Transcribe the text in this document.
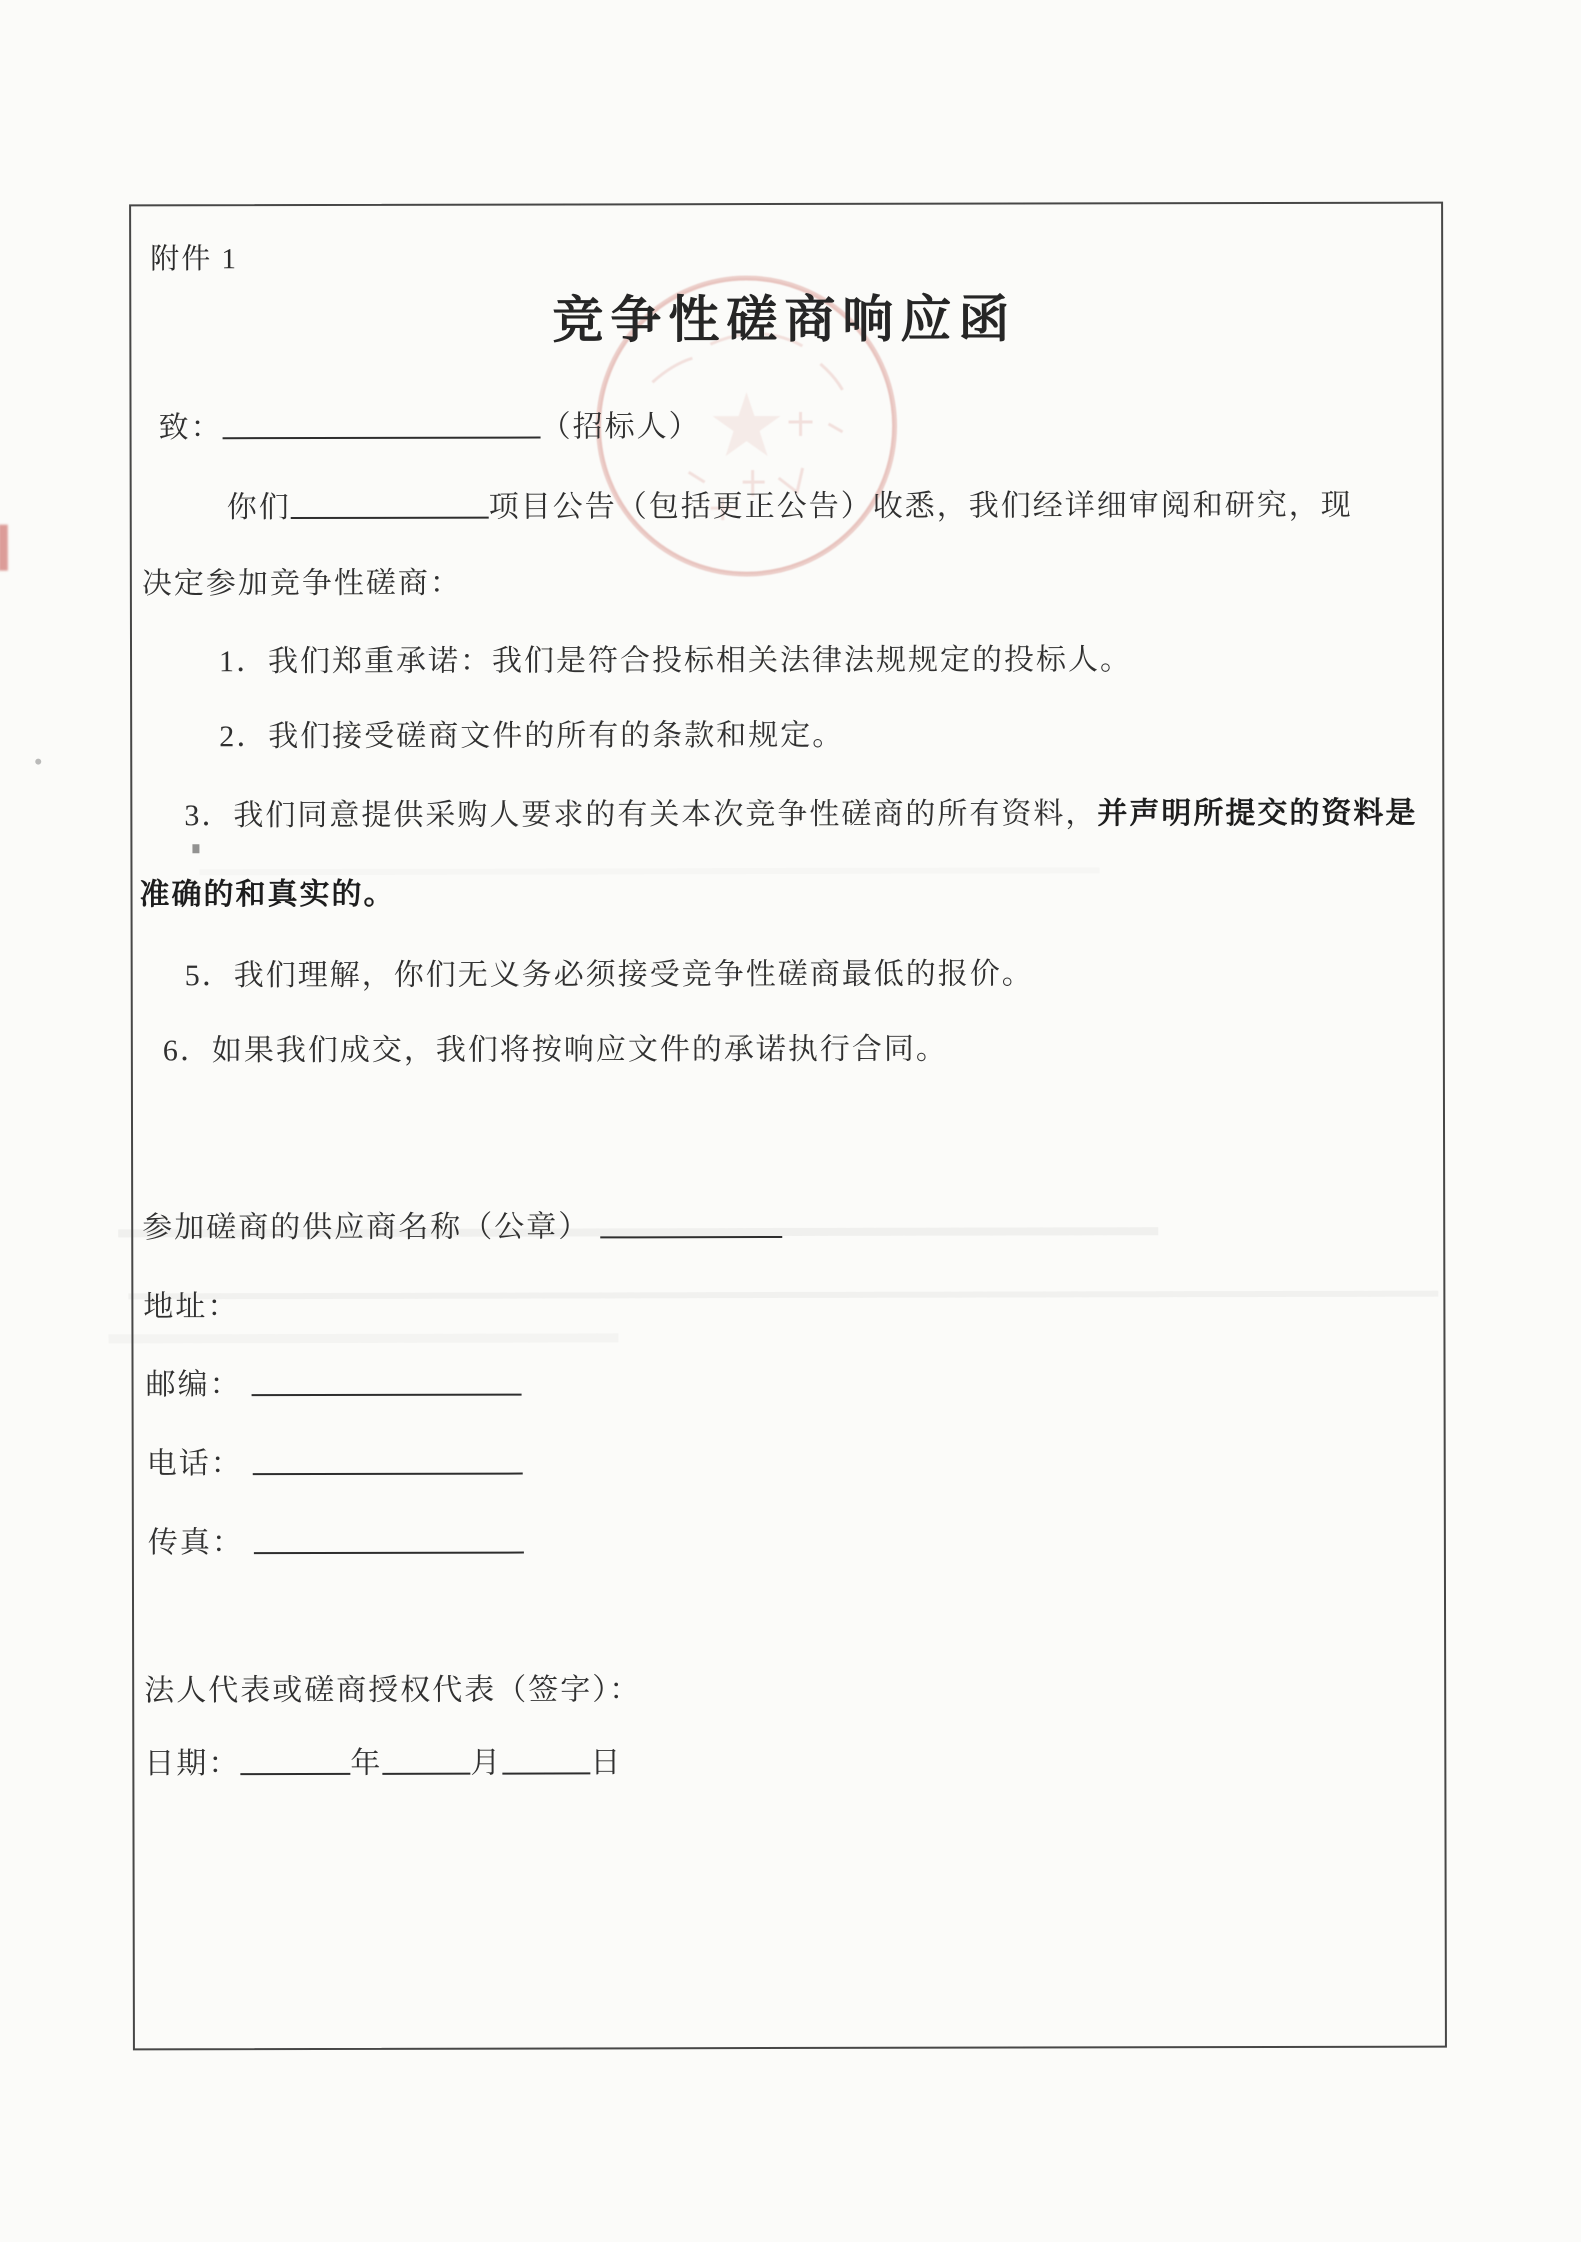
附件 1
竞争性磋商响应函
致：	（招标人）
你们	项目公告（包括更正公告）收悉，我们经详细审阅和研究，现
决定参加竞争性磋商：
1．我们郑重承诺：我们是符合投标相关法律法规规定的投标人。
2．我们接受磋商文件的所有的条款和规定。
3．我们同意提供采购人要求的有关本次竞争性磋商的所有资料，并声明所提交的资料是
准确的和真实的。
5．我们理解，你们无义务必须接受竞争性磋商最低的报价。
6．如果我们成交，我们将按响应文件的承诺执行合同。
参加磋商的供应商名称（公章）
地址：
邮编：
电话：
传真：
法人代表或磋商授权代表（签字）：
日期：	年	月	日
